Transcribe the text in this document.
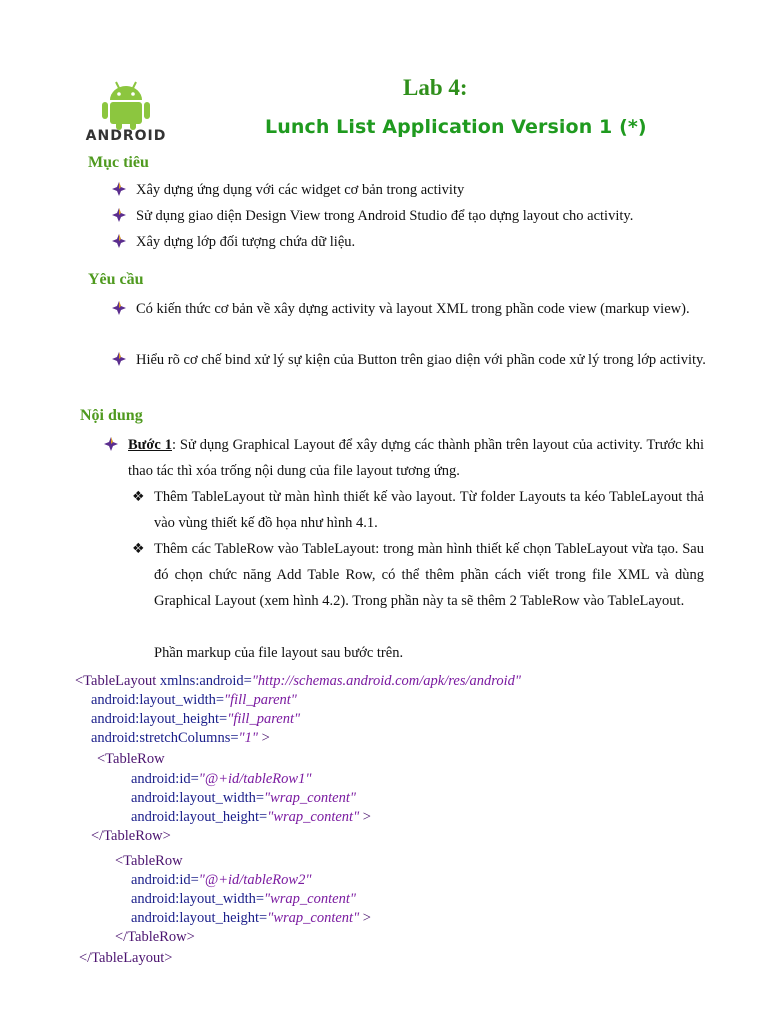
ANDROID
Lab 4:
Lunch List Application Version 1 (*)
Mục tiêu
Xây dựng ứng dụng với các widget cơ bản trong activity
Sử dụng giao diện Design View trong Android Studio để tạo dựng layout cho activity.
Xây dựng lớp đối tượng chứa dữ liệu.
Yêu cầu
Có kiến thức cơ bản về xây dựng activity và layout XML trong phần code view (markup view).
Hiểu rõ cơ chế bind xử lý sự kiện của Button trên giao diện với phần code xử lý trong lớp activity.
Nội dung
Bước 1: Sử dụng Graphical Layout để xây dựng các thành phần trên layout của activity. Trước khi thao tác thì xóa trống nội dung của file layout tương ứng.
❖ Thêm TableLayout từ màn hình thiết kế vào layout. Từ folder Layouts ta kéo TableLayout thả vào vùng thiết kế đồ họa như hình 4.1.
❖ Thêm các TableRow vào TableLayout: trong màn hình thiết kế chọn TableLayout vừa tạo. Sau đó chọn chức năng Add Table Row, có thể thêm phần cách viết trong file XML và dùng Graphical Layout (xem hình 4.2). Trong phần này ta sẽ thêm 2 TableRow vào TableLayout.
Phần markup của file layout sau bước trên.
<TableLayout xmlns:android="http://schemas.android.com/apk/res/android"
android:layout_width="fill_parent"
android:layout_height="fill_parent"
android:stretchColumns="1" >
<TableRow
android:id="@+id/tableRow1"
android:layout_width="wrap_content"
android:layout_height="wrap_content" >
</TableRow>
<TableRow
android:id="@+id/tableRow2"
android:layout_width="wrap_content"
android:layout_height="wrap_content" >
</TableRow>
</TableLayout>
